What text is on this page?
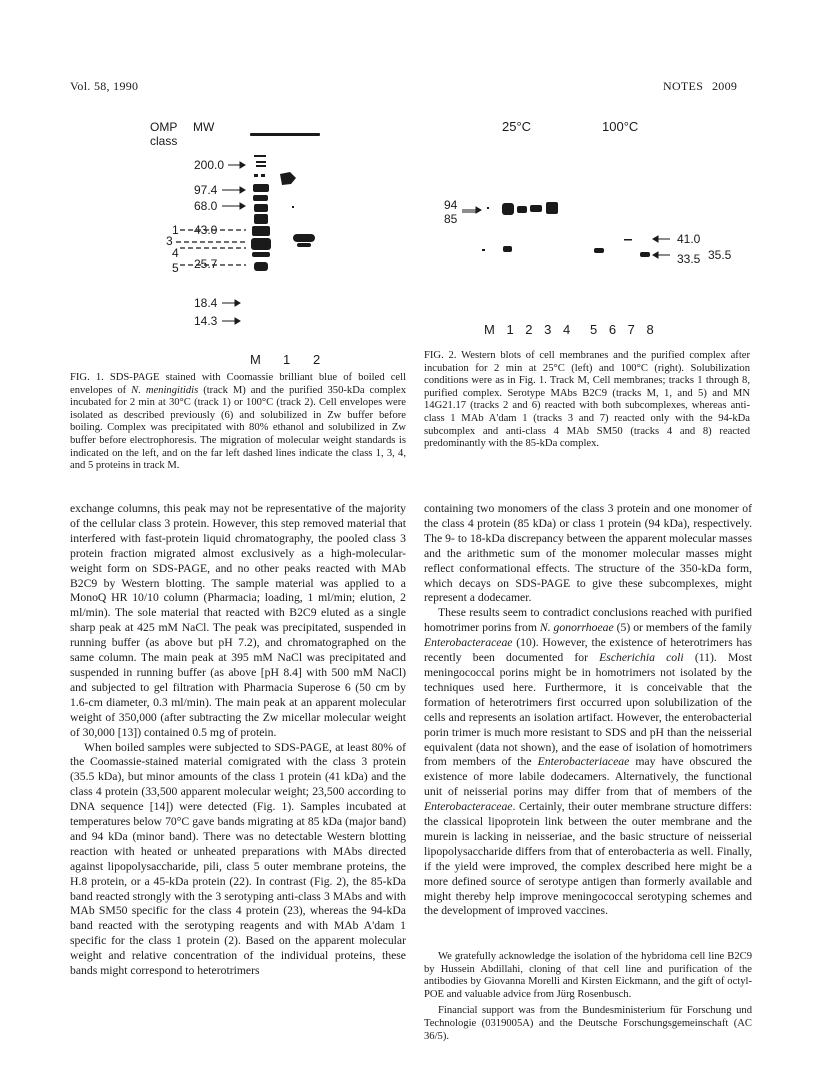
Vol. 58, 1990	NOTES 2009
OMP
class
MW
200.0
97.4
68.0
43.0
25.7
18.4
14.3
1
3
4
5
M 1 2
25°C	100°C
94
85
41.0
33.5 35.5
M 1 2 3 4 5 6 7 8

FIG. 1. SDS-PAGE stained with Coomassie brilliant blue of boiled cell envelopes of N. meningitidis (track M) and the purified 350-kDa complex incubated for 2 min at 30°C (track 1) or 100°C (track 2). Cell envelopes were isolated as described previously (6) and solubilized in Zw buffer before boiling. Complex was precipitated with 80% ethanol and solubilized in Zw buffer before electrophoresis. The migration of molecular weight standards is indicated on the left, and on the far left dashed lines indicate the class 1, 3, 4, and 5 proteins in track M.

FIG. 2. Western blots of cell membranes and the purified complex after incubation for 2 min at 25°C (left) and 100°C (right). Solubilization conditions were as in Fig. 1. Track M, Cell membranes; tracks 1 through 8, purified complex. Serotype MAbs B2C9 (tracks M, 1, and 5) and MN 14G21.17 (tracks 2 and 6) reacted with both subcomplexes, whereas anti-class 1 MAb A'dam 1 (tracks 3 and 7) reacted only with the 94-kDa subcomplex and anti-class 4 MAb SM50 (tracks 4 and 8) reacted predominantly with the 85-kDa complex.

exchange columns, this peak may not be representative of the majority of the cellular class 3 protein. However, this step removed material that interfered with fast-protein liquid chromatography, the pooled class 3 protein fraction migrated almost exclusively as a high-molecular-weight form on SDS-PAGE, and no other peaks reacted with MAb B2C9 by Western blotting. The sample material was applied to a MonoQ HR 10/10 column (Pharmacia; loading, 1 ml/min; elution, 2 ml/min). The sole material that reacted with B2C9 eluted as a single sharp peak at 425 mM NaCl. The peak was precipitated, suspended in running buffer (as above but pH 7.2), and chromatographed on the same column. The main peak at 395 mM NaCl was precipitated and suspended in running buffer (as above [pH 8.4] with 500 mM NaCl) and subjected to gel filtration with Pharmacia Superose 6 (50 cm by 1.6-cm diameter, 0.3 ml/min). The main peak at an apparent molecular weight of 350,000 (after subtracting the Zw micellar molecular weight of 30,000 [13]) contained 0.5 mg of protein.

When boiled samples were subjected to SDS-PAGE, at least 80% of the Coomassie-stained material comigrated with the class 3 protein (35.5 kDa), but minor amounts of the class 1 protein (41 kDa) and the class 4 protein (33,500 apparent molecular weight; 23,500 according to DNA sequence [14]) were detected (Fig. 1). Samples incubated at temperatures below 70°C gave bands migrating at 85 kDa (major band) and 94 kDa (minor band). There was no detectable Western blotting reaction with heated or unheated preparations with MAbs directed against lipopolysaccharide, pili, class 5 outer membrane proteins, the H.8 protein, or a 45-kDa protein (22). In contrast (Fig. 2), the 85-kDa band reacted strongly with the 3 serotyping anti-class 3 MAbs and with MAb SM50 specific for the class 4 protein (23), whereas the 94-kDa band reacted with the serotyping reagents and with MAb A'dam 1 specific for the class 1 protein (2). Based on the apparent molecular weight and relative concentration of the individual proteins, these bands might correspond to heterotrimers

containing two monomers of the class 3 protein and one monomer of the class 4 protein (85 kDa) or class 1 protein (94 kDa), respectively. The 9- to 18-kDa discrepancy between the apparent molecular masses and the arithmetic sum of the monomer molecular masses might reflect conformational effects. The structure of the 350-kDa form, which decays on SDS-PAGE to give these subcomplexes, might represent a dodecamer.

These results seem to contradict conclusions reached with purified homotrimer porins from N. gonorrhoeae (5) or members of the family Enterobacteraceae (10). However, the existence of heterotrimers has recently been documented for Escherichia coli (11). Most meningococcal porins might be in homotrimers not isolated by the techniques used here. Furthermore, it is conceivable that the formation of heterotrimers first occurred upon solubilization of the cells and represents an isolation artifact. However, the enterobacterial porin trimer is much more resistant to SDS and pH than the neisserial equivalent (data not shown), and the ease of isolation of homotrimers from members of the Enterobacteriaceae may have obscured the existence of more labile dodecamers. Alternatively, the functional unit of neisserial porins may differ from that of members of the Enterobacteraceae. Certainly, their outer membrane structure differs: the classical lipoprotein link between the outer membrane and the murein is lacking in neisseriae, and the basic structure of neisserial lipopolysaccharide differs from that of enterobacteria as well. Finally, if the yield were improved, the complex described here might be a more defined source of serotype antigen than formerly available and might thereby help improve meningococcal serotyping schemes and the development of improved vaccines.

We gratefully acknowledge the isolation of the hybridoma cell line B2C9 by Hussein Abdillahi, cloning of that cell line and purification of the antibodies by Giovanna Morelli and Kirsten Eickmann, and the gift of octyl-POE and valuable advice from Jürg Rosenbusch.

Financial support was from the Bundesministerium für Forschung und Technologie (0319005A) and the Deutsche Forschungsgemeinschaft (AC 36/5).
